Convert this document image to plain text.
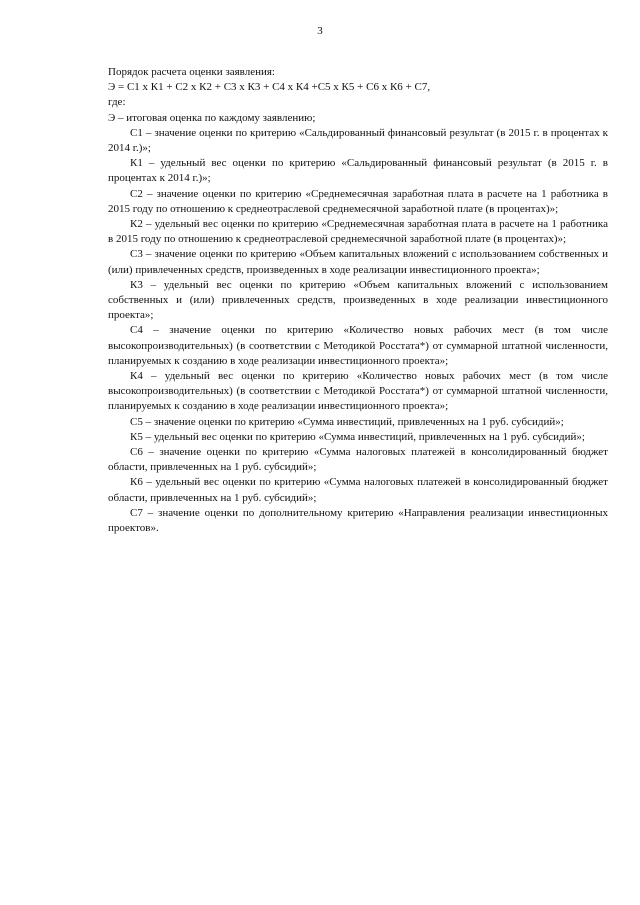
3

Порядок расчета оценки заявления:

Э = С1 х К1 + С2 х К2 + С3 х К3 + С4 х К4 +С5 х К5 + С6 х К6 + С7,

где:

Э – итоговая оценка по каждому заявлению;

С1 – значение оценки по критерию «Сальдированный финансовый результат (в 2015 г. в процентах к 2014 г.)»;

К1 – удельный вес оценки по критерию «Сальдированный финансовый результат (в 2015 г. в процентах к 2014 г.)»;

С2 – значение оценки по критерию «Среднемесячная заработная плата в расчете на 1 работника в 2015 году по отношению к среднеотраслевой среднемесячной заработной плате (в процентах)»;

К2 – удельный вес оценки по критерию «Среднемесячная заработная плата в расчете на 1 работника в 2015 году по отношению к среднеотраслевой среднемесячной заработной плате (в процентах)»;

С3 – значение оценки по критерию «Объем капитальных вложений с использованием собственных и (или) привлеченных средств, произведенных в ходе реализации инвестиционного проекта»;

К3 – удельный вес оценки по критерию «Объем капитальных вложений с использованием собственных и (или) привлеченных средств, произведенных в ходе реализации инвестиционного проекта»;

С4 – значение оценки по критерию «Количество новых рабочих мест (в том числе высокопроизводительных) (в соответствии с Методикой Росстата*) от суммарной штатной численности, планируемых к созданию в ходе реализации инвестиционного проекта»;

К4 – удельный вес оценки по критерию «Количество новых рабочих мест (в том числе высокопроизводительных) (в соответствии с Методикой Росстата*) от суммарной штатной численности, планируемых к созданию в ходе реализации инвестиционного проекта»;

С5 – значение оценки по критерию «Сумма инвестиций, привлеченных на 1 руб. субсидий»;

К5 – удельный вес оценки по критерию «Сумма инвестиций, привлеченных на 1 руб. субсидий»;

С6 – значение оценки по критерию «Сумма налоговых платежей в консолидированный бюджет области, привлеченных на 1 руб. субсидий»;

К6 – удельный вес оценки по критерию «Сумма налоговых платежей в консолидированный бюджет области, привлеченных на 1 руб. субсидий»;

С7 – значение оценки по дополнительному критерию «Направления реализации инвестиционных проектов».
